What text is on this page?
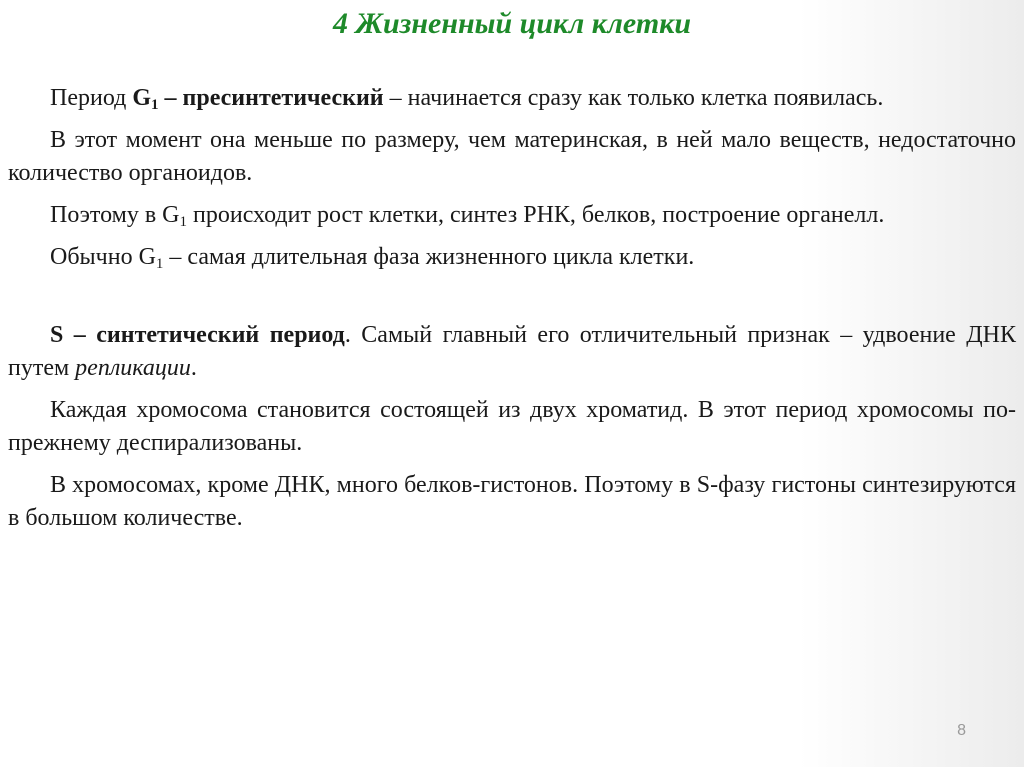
4 Жизненный цикл клетки

Период $G_1$ – пресинтетический – начинается сразу как только клетка появилась.

В этот момент она меньше по размеру, чем материнская, в ней мало веществ, недостаточно количество органоидов.

Поэтому в $G_1$ происходит рост клетки, синтез РНК, белков, построение органелл.

Обычно $G_1$ – самая длительная фаза жизненного цикла клетки.

S – синтетический период. Самый главный его отличительный признак – удвоение ДНК путем репликации.

Каждая хромосома становится состоящей из двух хроматид. В этот период хромосомы по-прежнему деспирализованы.

В хромосомах, кроме ДНК, много белков-гистонов. Поэтому в S-фазу гистоны синтезируются в большом количестве.

8
